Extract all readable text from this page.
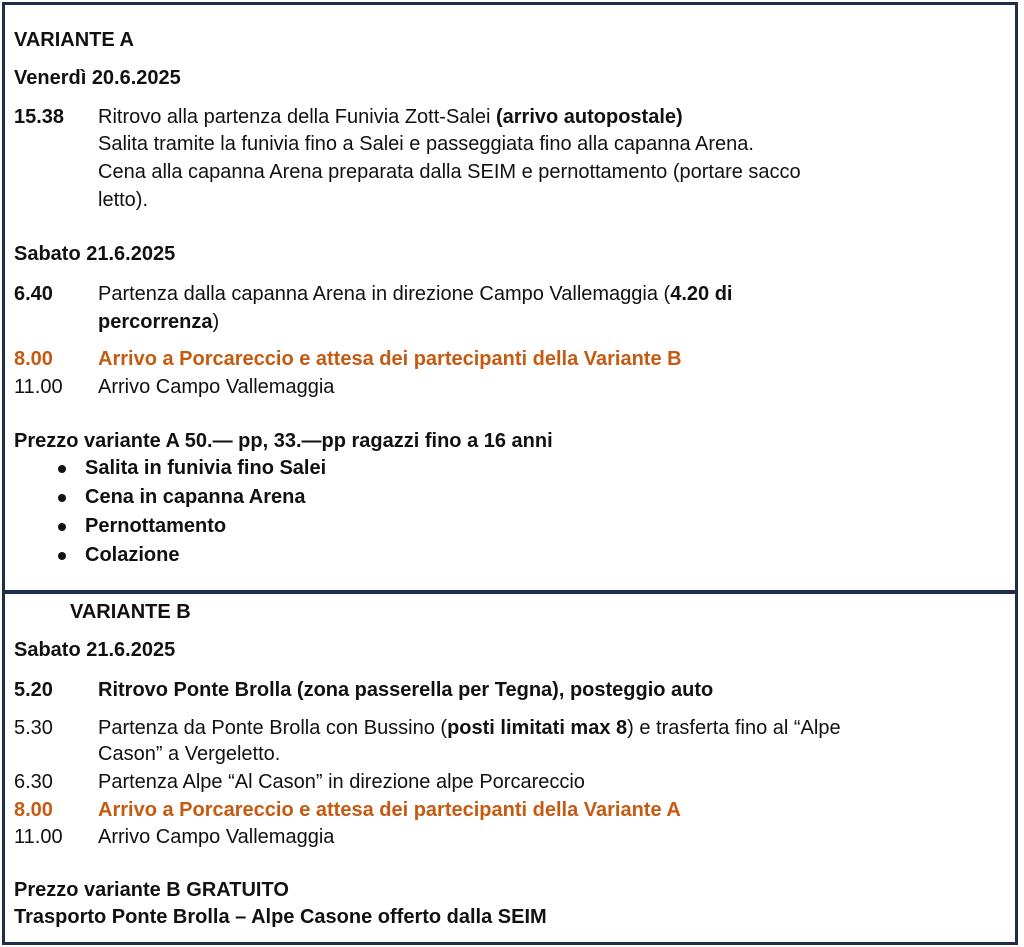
VARIANTE A
Venerdì 20.6.2025
15.38 Ritrovo alla partenza della Funivia Zott-Salei (arrivo autopostale)
Salita tramite la funivia fino a Salei e passeggiata fino alla capanna Arena.
Cena alla capanna Arena preparata dalla SEIM e pernottamento (portare sacco
letto).
Sabato 21.6.2025
6.40 Partenza dalla capanna Arena in direzione Campo Vallemaggia (4.20 di
percorrenza)
8.00 Arrivo a Porcareccio e attesa dei partecipanti della Variante B
11.00 Arrivo Campo Vallemaggia
Prezzo variante A 50.— pp, 33.—pp ragazzi fino a 16 anni
Salita in funivia fino Salei
Cena in capanna Arena
Pernottamento
Colazione
VARIANTE B
Sabato 21.6.2025
5.20 Ritrovo Ponte Brolla (zona passerella per Tegna), posteggio auto
5.30 Partenza da Ponte Brolla con Bussino (posti limitati max 8) e trasferta fino al “Alpe
Cason” a Vergeletto.
6.30 Partenza Alpe “Al Cason” in direzione alpe Porcareccio
8.00 Arrivo a Porcareccio e attesa dei partecipanti della Variante A
11.00 Arrivo Campo Vallemaggia
Prezzo variante B GRATUITO
Trasporto Ponte Brolla – Alpe Casone offerto dalla SEIM
